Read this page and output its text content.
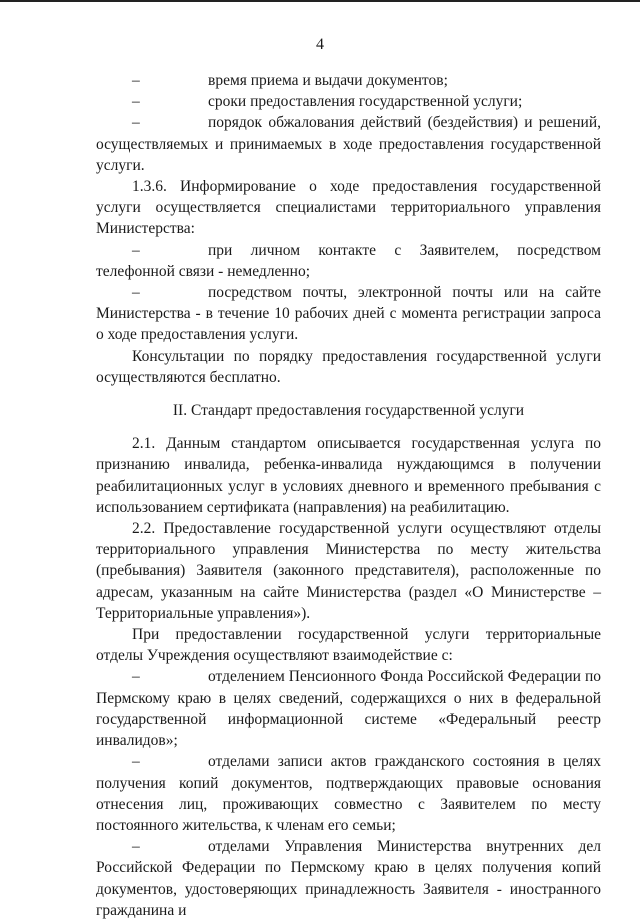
4

–	время приема и выдачи документов;

–	сроки предоставления государственной услуги;

–	порядок обжалования действий (бездействия) и решений, осуществляемых и принимаемых в ходе предоставления государственной услуги.

1.3.6. Информирование о ходе предоставления государственной услуги осуществляется специалистами территориального управления Министерства:

–	при личном контакте с Заявителем, посредством телефонной связи - немедленно;

–	посредством почты, электронной почты или на сайте Министерства - в течение 10 рабочих дней с момента регистрации запроса о ходе предоставления услуги.

Консультации по порядку предоставления государственной услуги осуществляются бесплатно.

II. Стандарт предоставления государственной услуги

2.1. Данным стандартом описывается государственная услуга по признанию инвалида, ребенка-инвалида нуждающимся в получении реабилитационных услуг в условиях дневного и временного пребывания с использованием сертификата (направления) на реабилитацию.

2.2. Предоставление государственной услуги осуществляют отделы территориального управления Министерства по месту жительства (пребывания) Заявителя (законного представителя), расположенные по адресам, указанным на сайте Министерства (раздел «О Министерстве – Территориальные управления»).

При предоставлении государственной услуги территориальные отделы Учреждения осуществляют взаимодействие с:

–	отделением Пенсионного Фонда Российской Федерации по Пермскому краю в целях сведений, содержащихся о них в федеральной государственной информационной системе «Федеральный реестр инвалидов»;

–	отделами записи актов гражданского состояния в целях получения копий документов, подтверждающих правовые основания отнесения лиц, проживающих совместно с Заявителем по месту постоянного жительства, к членам его семьи;

–	отделами Управления Министерства внутренних дел Российской Федерации по Пермскому краю в целях получения копий документов, удостоверяющих принадлежность Заявителя - иностранного гражданина и
